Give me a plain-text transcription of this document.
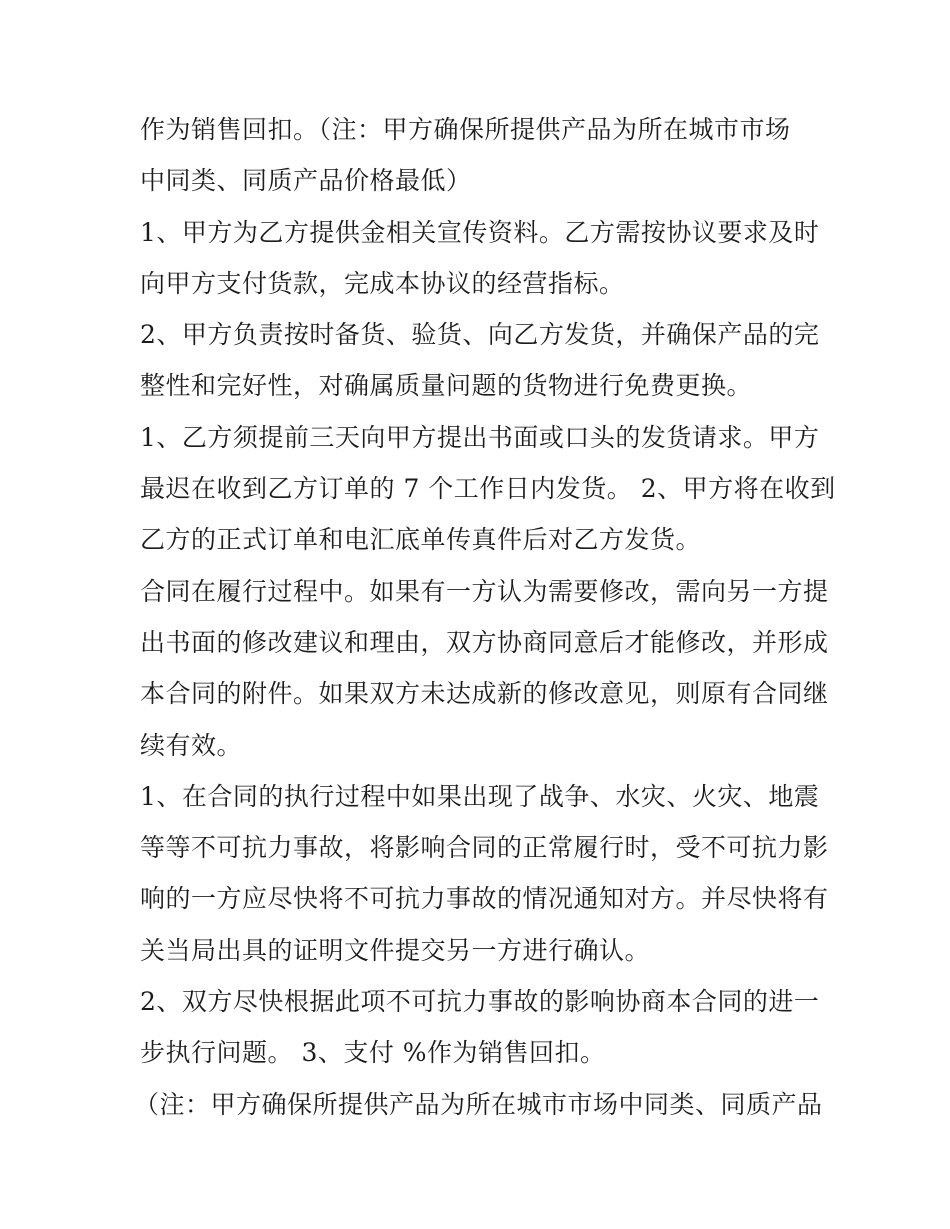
作为销售回扣。（注：甲方确保所提供产品为所在城市市场
中同类、同质产品价格最低）
1、甲方为乙方提供金相关宣传资料。乙方需按协议要求及时
向甲方支付货款，完成本协议的经营指标。
2、甲方负责按时备货、验货、向乙方发货，并确保产品的完
整性和完好性，对确属质量问题的货物进行免费更换。
1、乙方须提前三天向甲方提出书面或口头的发货请求。甲方
最迟在收到乙方订单的 7 个工作日内发货。 2、甲方将在收到
乙方的正式订单和电汇底单传真件后对乙方发货。
合同在履行过程中。如果有一方认为需要修改，需向另一方提
出书面的修改建议和理由，双方协商同意后才能修改，并形成
本合同的附件。如果双方未达成新的修改意见，则原有合同继
续有效。
1、在合同的执行过程中如果出现了战争、水灾、火灾、地震
等等不可抗力事故，将影响合同的正常履行时，受不可抗力影
响的一方应尽快将不可抗力事故的情况通知对方。并尽快将有
关当局出具的证明文件提交另一方进行确认。
2、双方尽快根据此项不可抗力事故的影响协商本合同的进一
步执行问题。 3、支付 %作为销售回扣。
（注：甲方确保所提供产品为所在城市市场中同类、同质产品
